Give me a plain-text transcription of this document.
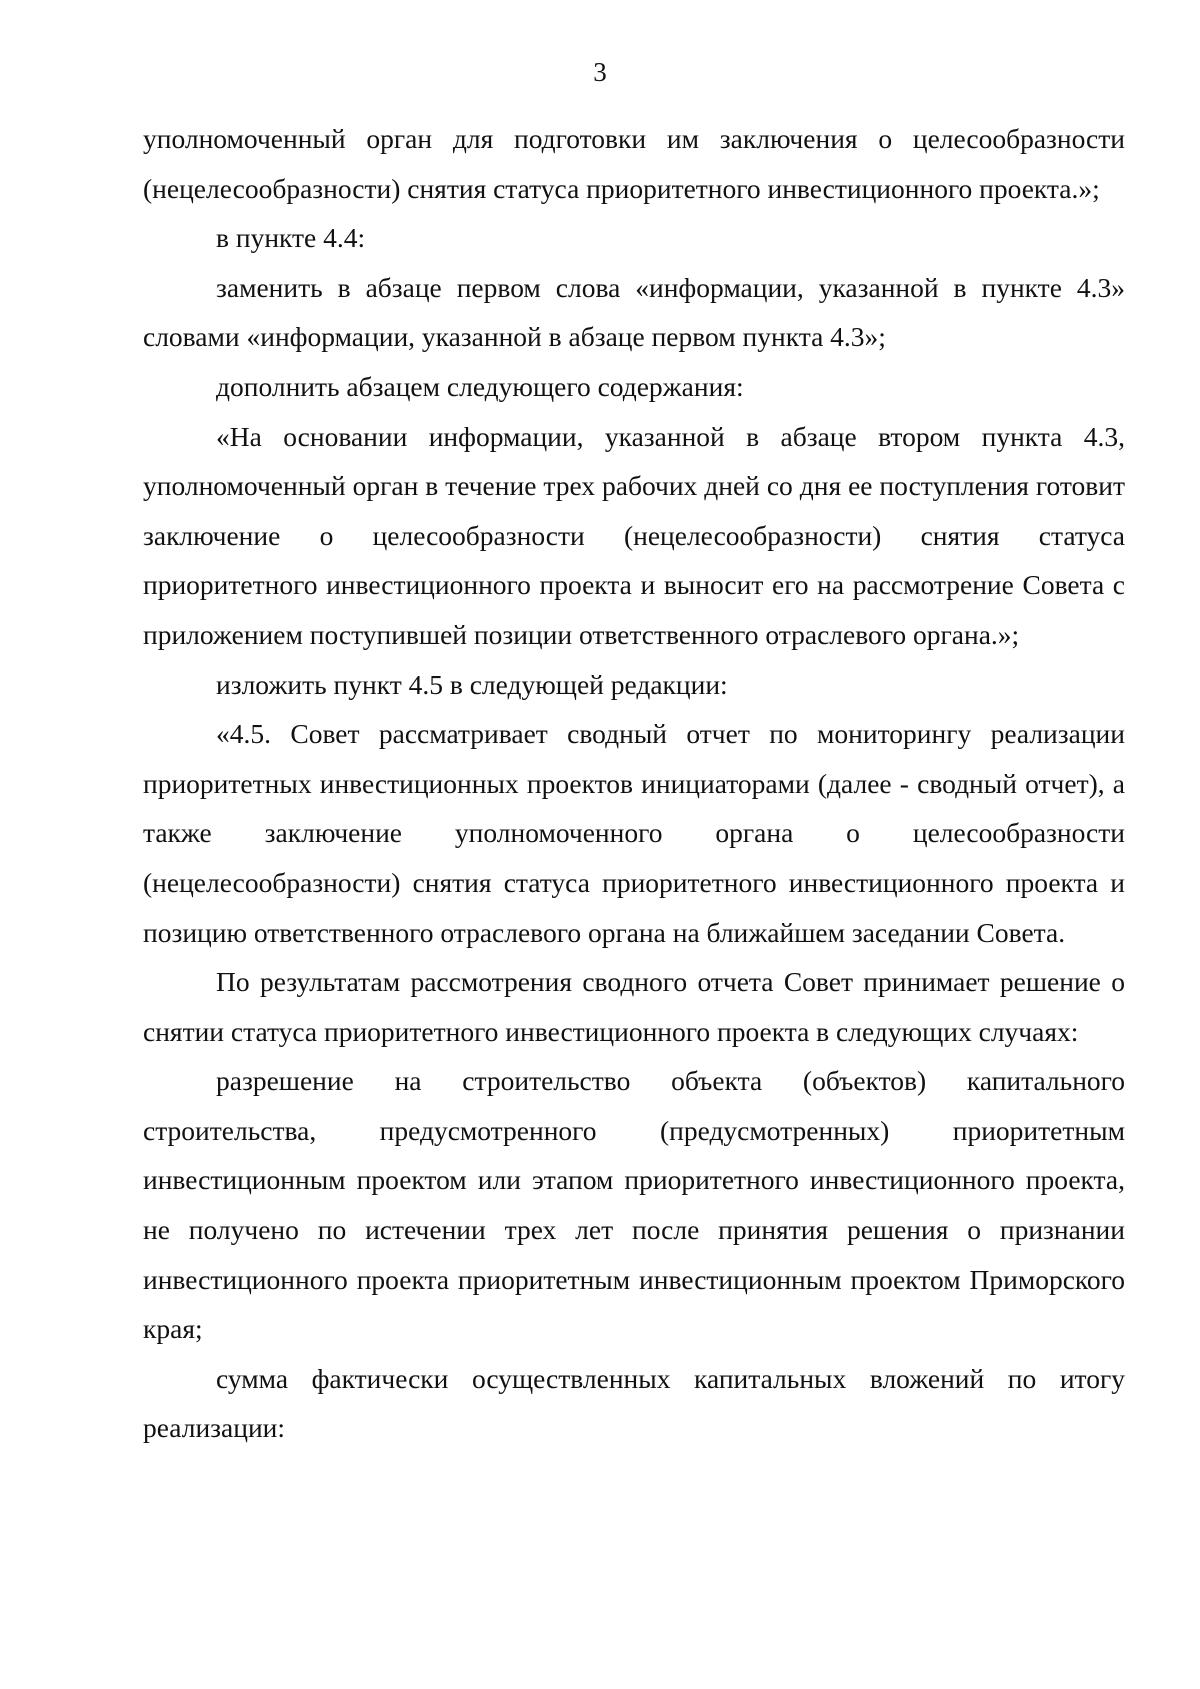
3

уполномоченный орган для подготовки им заключения о целесообразности (нецелесообразности) снятия статуса приоритетного инвестиционного проекта.»;

в пункте 4.4:

заменить в абзаце первом слова «информации, указанной в пункте 4.3» словами «информации, указанной в абзаце первом пункта 4.3»;

дополнить абзацем следующего содержания:

«На основании информации, указанной в абзаце втором пункта 4.3, уполномоченный орган в течение трех рабочих дней со дня ее поступления готовит заключение о целесообразности (нецелесообразности) снятия статуса приоритетного инвестиционного проекта и выносит его на рассмотрение Совета с приложением поступившей позиции ответственного отраслевого органа.»;

изложить пункт 4.5 в следующей редакции:

«4.5. Совет рассматривает сводный отчет по мониторингу реализации приоритетных инвестиционных проектов инициаторами (далее - сводный отчет), а также заключение уполномоченного органа о целесообразности (нецелесообразности) снятия статуса приоритетного инвестиционного проекта и позицию ответственного отраслевого органа на ближайшем заседании Совета.

По результатам рассмотрения сводного отчета Совет принимает решение о снятии статуса приоритетного инвестиционного проекта в следующих случаях:

разрешение на строительство объекта (объектов) капитального строительства, предусмотренного (предусмотренных) приоритетным инвестиционным проектом или этапом приоритетного инвестиционного проекта, не получено по истечении трех лет после принятия решения о признании инвестиционного проекта приоритетным инвестиционным проектом Приморского края;

сумма фактически осуществленных капитальных вложений по итогу реализации:
